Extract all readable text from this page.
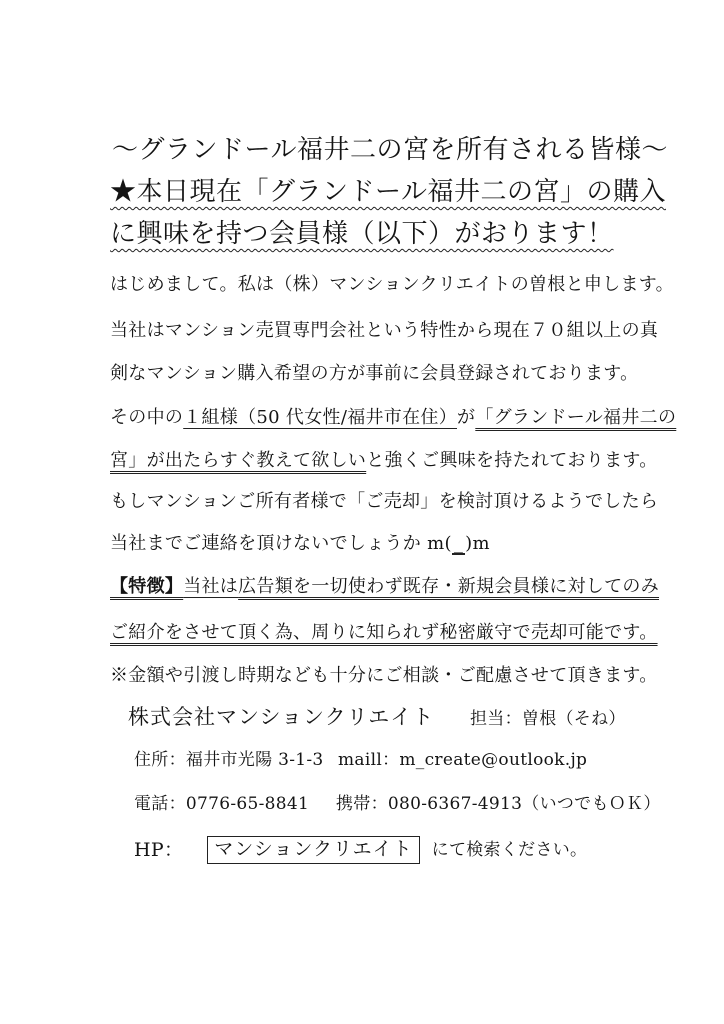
〜グランドール福井二の宮を所有される皆様〜
★本日現在「グランドール福井二の宮」の購入
に興味を持つ会員様（以下）がおります！
はじめまして。私は（株）マンションクリエイトの曽根と申します。
当社はマンション売買専門会社という特性から現在７０組以上の真
剣なマンション購入希望の方が事前に会員登録されております。
その中の１組様（50 代女性/福井市在住）が「グランドール福井二の
宮」が出たらすぐ教えて欲しいと強くご興味を持たれております。
もしマンションご所有者様で「ご売却」を検討頂けるようでしたら
当社までご連絡を頂けないでしょうか m( _ )m
【特徴】当社は広告類を一切使わず既存・新規会員様に対してのみ
ご紹介をさせて頂く為、周りに知られず秘密厳守で売却可能です。
※金額や引渡し時期なども十分にご相談・ご配慮させて頂きます。
株式会社マンションクリエイト 担当：曽根（そね）
住所：福井市光陽 3-1-3 maill：m_create@outlook.jp
電話：0776-65-8841 携帯：080-6367-4913（いつでもＯＫ）
HP： マンションクリエイト にて検索ください。
